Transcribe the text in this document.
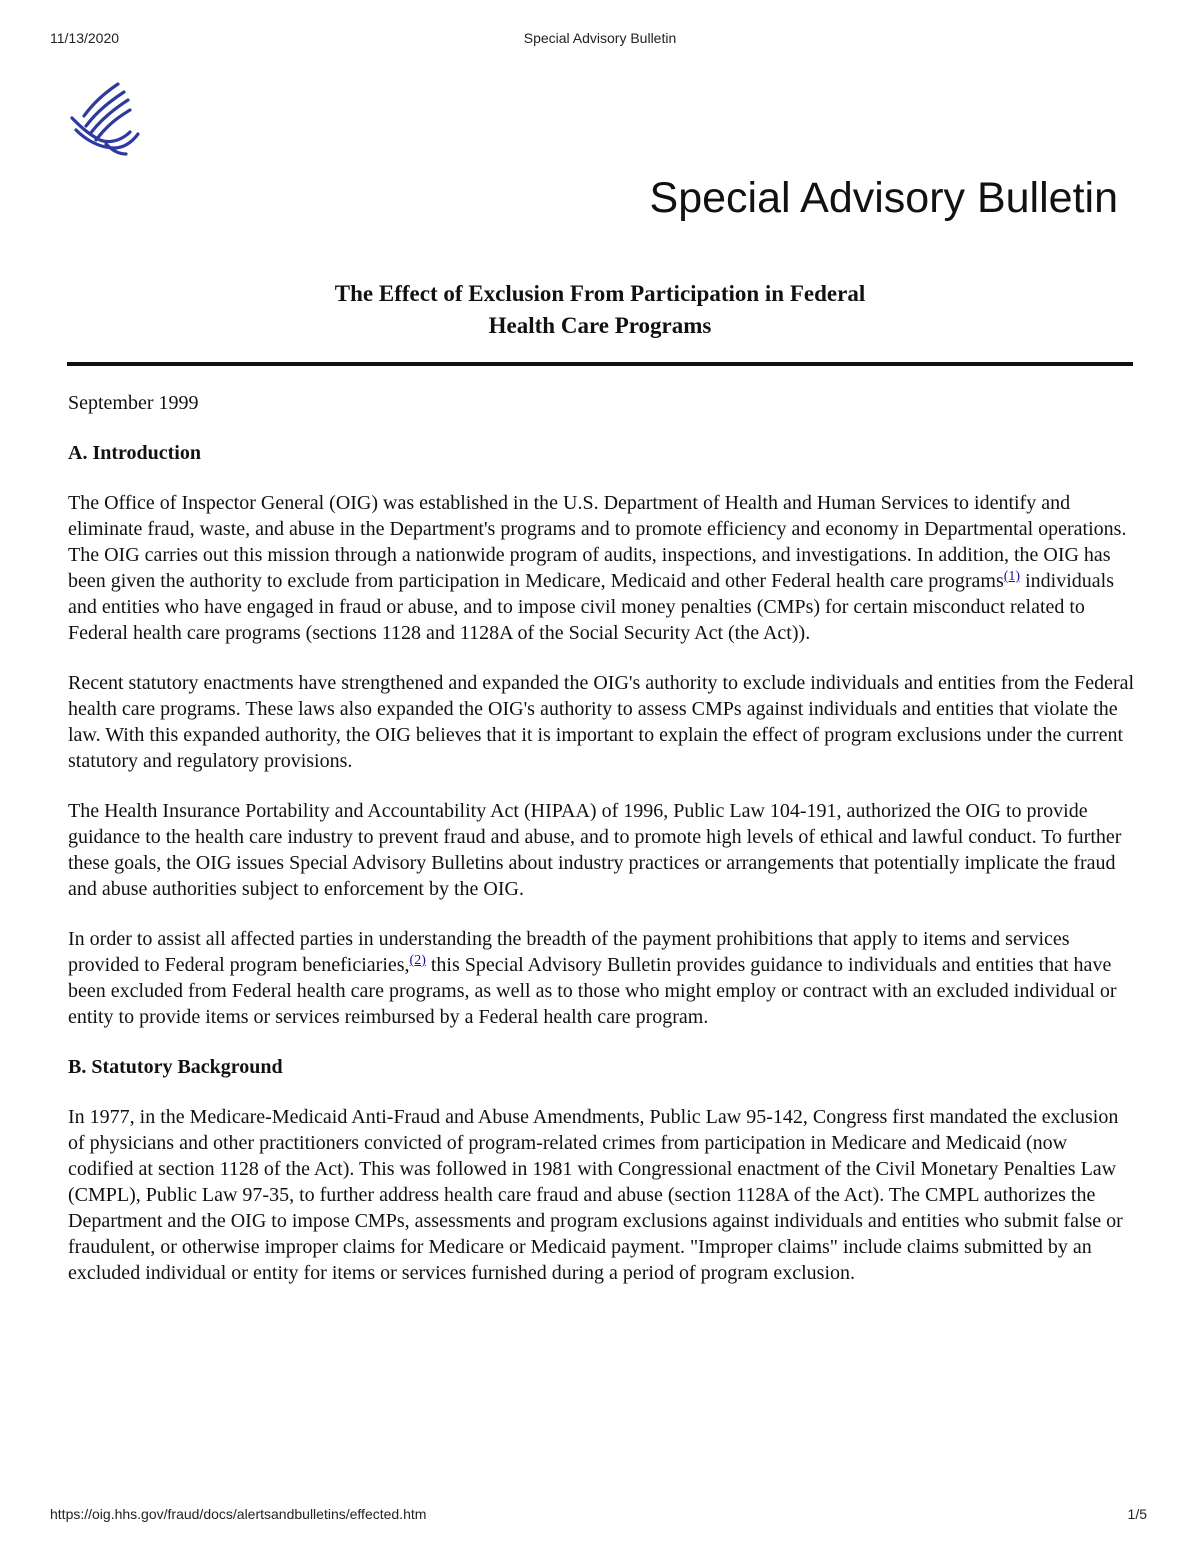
11/13/2020	Special Advisory Bulletin
Special Advisory Bulletin
The Effect of Exclusion From Participation in Federal
Health Care Programs

September 1999

A. Introduction

The Office of Inspector General (OIG) was established in the U.S. Department of Health and Human Services to identify and eliminate fraud, waste, and abuse in the Department's programs and to promote efficiency and economy in Departmental operations. The OIG carries out this mission through a nationwide program of audits, inspections, and investigations. In addition, the OIG has been given the authority to exclude from participation in Medicare, Medicaid and other Federal health care programs$^{(1)}$ individuals and entities who have engaged in fraud or abuse, and to impose civil money penalties (CMPs) for certain misconduct related to Federal health care programs (sections 1128 and 1128A of the Social Security Act (the Act)).

Recent statutory enactments have strengthened and expanded the OIG's authority to exclude individuals and entities from the Federal health care programs. These laws also expanded the OIG's authority to assess CMPs against individuals and entities that violate the law. With this expanded authority, the OIG believes that it is important to explain the effect of program exclusions under the current statutory and regulatory provisions.

The Health Insurance Portability and Accountability Act (HIPAA) of 1996, Public Law 104-191, authorized the OIG to provide guidance to the health care industry to prevent fraud and abuse, and to promote high levels of ethical and lawful conduct. To further these goals, the OIG issues Special Advisory Bulletins about industry practices or arrangements that potentially implicate the fraud and abuse authorities subject to enforcement by the OIG.

In order to assist all affected parties in understanding the breadth of the payment prohibitions that apply to items and services provided to Federal program beneficiaries,$^{(2)}$ this Special Advisory Bulletin provides guidance to individuals and entities that have been excluded from Federal health care programs, as well as to those who might employ or contract with an excluded individual or entity to provide items or services reimbursed by a Federal health care program.

B. Statutory Background

In 1977, in the Medicare-Medicaid Anti-Fraud and Abuse Amendments, Public Law 95-142, Congress first mandated the exclusion of physicians and other practitioners convicted of program-related crimes from participation in Medicare and Medicaid (now codified at section 1128 of the Act). This was followed in 1981 with Congressional enactment of the Civil Monetary Penalties Law (CMPL), Public Law 97-35, to further address health care fraud and abuse (section 1128A of the Act). The CMPL authorizes the Department and the OIG to impose CMPs, assessments and program exclusions against individuals and entities who submit false or fraudulent, or otherwise improper claims for Medicare or Medicaid payment. "Improper claims" include claims submitted by an excluded individual or entity for items or services furnished during a period of program exclusion.

https://oig.hhs.gov/fraud/docs/alertsandbulletins/effected.htm	1/5
